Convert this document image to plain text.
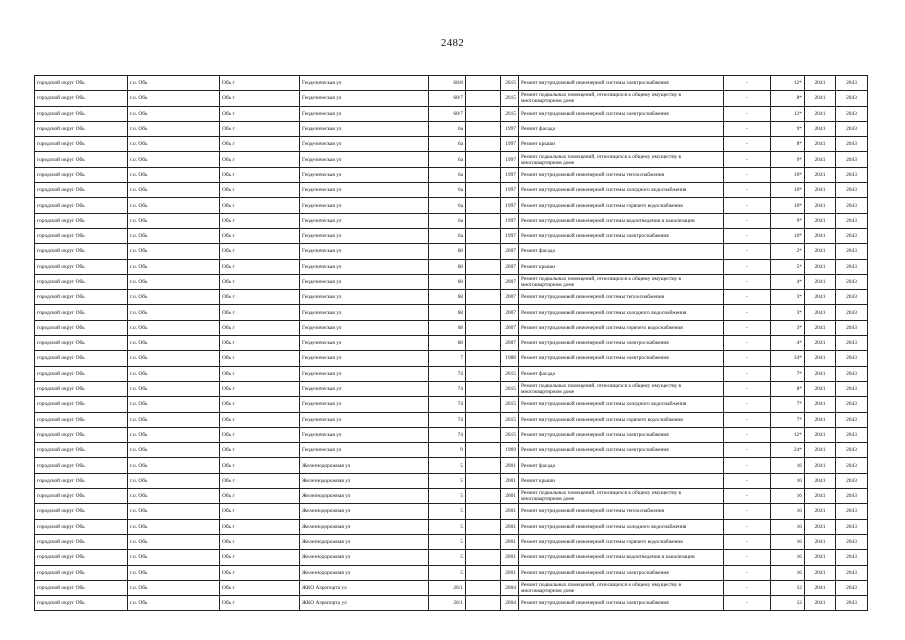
2482
городской округ Обь	г.о. Обь	Обь г	Геодезическая ул	68/8		2015	Ремонт внутридомовой инженерной системы электроснабжения	-	12*	2041	2043
городской округ Обь	г.о. Обь	Обь г	Геодезическая ул	68/7		2015	Ремонт подвальных помещений, относящихся к общему имуществу в многоквартирном доме	-	8*	2041	2043
городской округ Обь	г.о. Обь	Обь г	Геодезическая ул	68/7		2015	Ремонт внутридомовой инженерной системы электроснабжения	-	12*	2041	2043
городской округ Обь	г.о. Обь	Обь г	Геодезическая ул	6а		1997	Ремонт фасада	-	9*	2041	2043
городской округ Обь	г.о. Обь	Обь г	Геодезическая ул	6а		1997	Ремонт крыши	-	8*	2041	2043
городской округ Обь	г.о. Обь	Обь г	Геодезическая ул	6а		1997	Ремонт подвальных помещений, относящихся к общему имуществу в многоквартирном доме	-	9*	2041	2043
городской округ Обь	г.о. Обь	Обь г	Геодезическая ул	6а		1997	Ремонт внутридомовой инженерной системы теплоснабжения	-	10*	2041	2043
городской округ Обь	г.о. Обь	Обь г	Геодезическая ул	6а		1997	Ремонт внутридомовой инженерной системы холодного водоснабжения	-	10*	2041	2043
городской округ Обь	г.о. Обь	Обь г	Геодезическая ул	6а		1997	Ремонт внутридомовой инженерной системы горячего водоснабжения	-	10*	2041	2043
городской округ Обь	г.о. Обь	Обь г	Геодезическая ул	6а		1997	Ремонт внутридомовой инженерной системы водоотведения и канализации	-	9*	2041	2043
городской округ Обь	г.о. Обь	Обь г	Геодезическая ул	6а		1997	Ремонт внутридомовой инженерной системы электроснабжения	-	10*	2041	2043
городской округ Обь	г.о. Обь	Обь г	Геодезическая ул	68		2007	Ремонт фасада	-	2*	2041	2043
городской округ Обь	г.о. Обь	Обь г	Геодезическая ул	68		2007	Ремонт крыши	-	5*	2041	2043
городской округ Обь	г.о. Обь	Обь г	Геодезическая ул	68		2007	Ремонт подвальных помещений, относящихся к общему имуществу в многоквартирном доме	-	4*	2041	2043
городской округ Обь	г.о. Обь	Обь г	Геодезическая ул	68		2007	Ремонт внутридомовой инженерной системы теплоснабжения	-	3*	2041	2043
городской округ Обь	г.о. Обь	Обь г	Геодезическая ул	68		2007	Ремонт внутридомовой инженерной системы холодного водоснабжения	-	3*	2041	2043
городской округ Обь	г.о. Обь	Обь г	Геодезическая ул	68		2007	Ремонт внутридомовой инженерной системы горячего водоснабжения	-	3*	2041	2043
городской округ Обь	г.о. Обь	Обь г	Геодезическая ул	68		2007	Ремонт внутридомовой инженерной системы электроснабжения	-	4*	2041	2043
городской округ Обь	г.о. Обь	Обь г	Геодезическая ул	7		1988	Ремонт внутридомовой инженерной системы электроснабжения	-	34*	2041	2043
городской округ Обь	г.о. Обь	Обь г	Геодезическая ул	74		2015	Ремонт фасада	-	7*	2041	2043
городской округ Обь	г.о. Обь	Обь г	Геодезическая ул	74		2015	Ремонт подвальных помещений, относящихся к общему имуществу в многоквартирном доме	-	8*	2041	2043
городской округ Обь	г.о. Обь	Обь г	Геодезическая ул	74		2015	Ремонт внутридомовой инженерной системы холодного водоснабжения	-	7*	2041	2043
городской округ Обь	г.о. Обь	Обь г	Геодезическая ул	74		2015	Ремонт внутридомовой инженерной системы горячего водоснабжения	-	7*	2041	2043
городской округ Обь	г.о. Обь	Обь г	Геодезическая ул	74		2015	Ремонт внутридомовой инженерной системы электроснабжения	-	12*	2041	2043
городской округ Обь	г.о. Обь	Обь г	Геодезическая ул	9		1969	Ремонт внутридомовой инженерной системы электроснабжения	-	24*	2041	2043
городской округ Обь	г.о. Обь	Обь г	Железнодорожная ул	5		2001	Ремонт фасада	-	16	2041	2043
городской округ Обь	г.о. Обь	Обь г	Железнодорожная ул	5		2001	Ремонт крыши	-	16	2041	2043
городской округ Обь	г.о. Обь	Обь г	Железнодорожная ул	5		2001	Ремонт подвальных помещений, относящихся к общему имуществу в многоквартирном доме	-	16	2041	2043
городской округ Обь	г.о. Обь	Обь г	Железнодорожная ул	5		2001	Ремонт внутридомовой инженерной системы теплоснабжения	-	16	2041	2043
городской округ Обь	г.о. Обь	Обь г	Железнодорожная ул	5		2001	Ремонт внутридомовой инженерной системы холодного водоснабжения	-	16	2041	2043
городской округ Обь	г.о. Обь	Обь г	Железнодорожная ул	5		2001	Ремонт внутридомовой инженерной системы горячего водоснабжения	-	16	2041	2043
городской округ Обь	г.о. Обь	Обь г	Железнодорожная ул	5		2001	Ремонт внутридомовой инженерной системы водоотведения и канализации	-	16	2041	2043
городской округ Обь	г.о. Обь	Обь г	Железнодорожная ул	5		2001	Ремонт внутридомовой инженерной системы электроснабжения	-	16	2041	2043
городской округ Обь	г.о. Обь	Обь г	ЖКО Аэропорта ул	26/1		2004	Ремонт подвальных помещений, относящихся к общему имуществу в многоквартирном доме	-	12	2041	2043
городской округ Обь	г.о. Обь	Обь г	ЖКО Аэропорта ул	26/1		2004	Ремонт внутридомовой инженерной системы электроснабжения	-	12	2041	2043
